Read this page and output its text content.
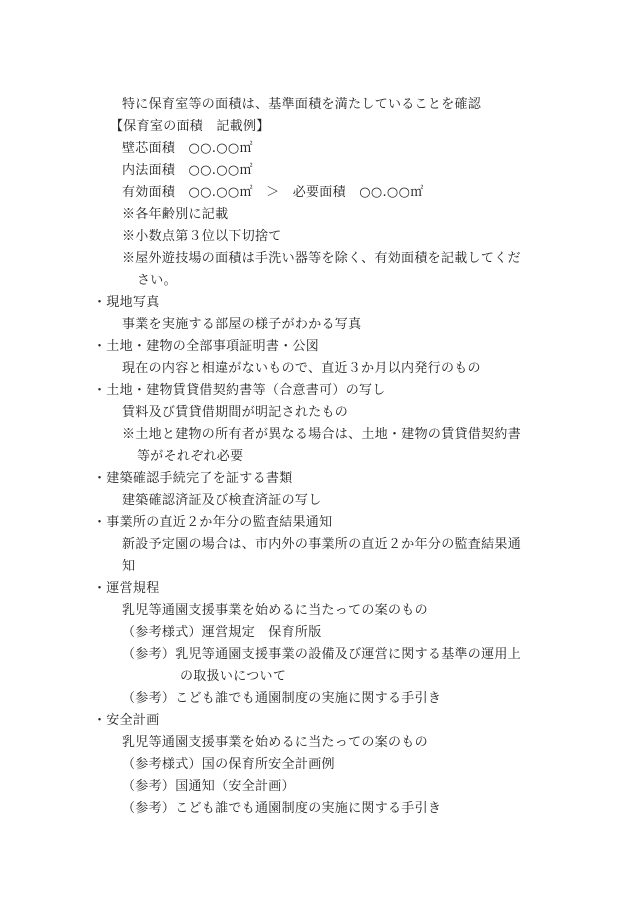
特に保育室等の面積は、基準面積を満たしていることを確認
【保育室の面積　記載例】
壁芯面積　○○.○○㎡
内法面積　○○.○○㎡
有効面積　○○.○○㎡　＞　必要面積　○○.○○㎡
※各年齢別に記載
※小数点第３位以下切捨て
※屋外遊技場の面積は手洗い器等を除く、有効面積を記載してくだ
さい。
・現地写真
事業を実施する部屋の様子がわかる写真
・土地・建物の全部事項証明書・公図
現在の内容と相違がないもので、直近３か月以内発行のもの
・土地・建物賃貸借契約書等（合意書可）の写し
賃料及び賃貸借期間が明記されたもの
※土地と建物の所有者が異なる場合は、土地・建物の賃貸借契約書
等がそれぞれ必要
・建築確認手続完了を証する書類
建築確認済証及び検査済証の写し
・事業所の直近２か年分の監査結果通知
新設予定園の場合は、市内外の事業所の直近２か年分の監査結果通
知
・運営規程
乳児等通園支援事業を始めるに当たっての案のもの
（参考様式）運営規定　保育所版
（参考）乳児等通園支援事業の設備及び運営に関する基準の運用上
の取扱いについて
（参考）こども誰でも通園制度の実施に関する手引き
・安全計画
乳児等通園支援事業を始めるに当たっての案のもの
（参考様式）国の保育所安全計画例
（参考）国通知（安全計画）
（参考）こども誰でも通園制度の実施に関する手引き
